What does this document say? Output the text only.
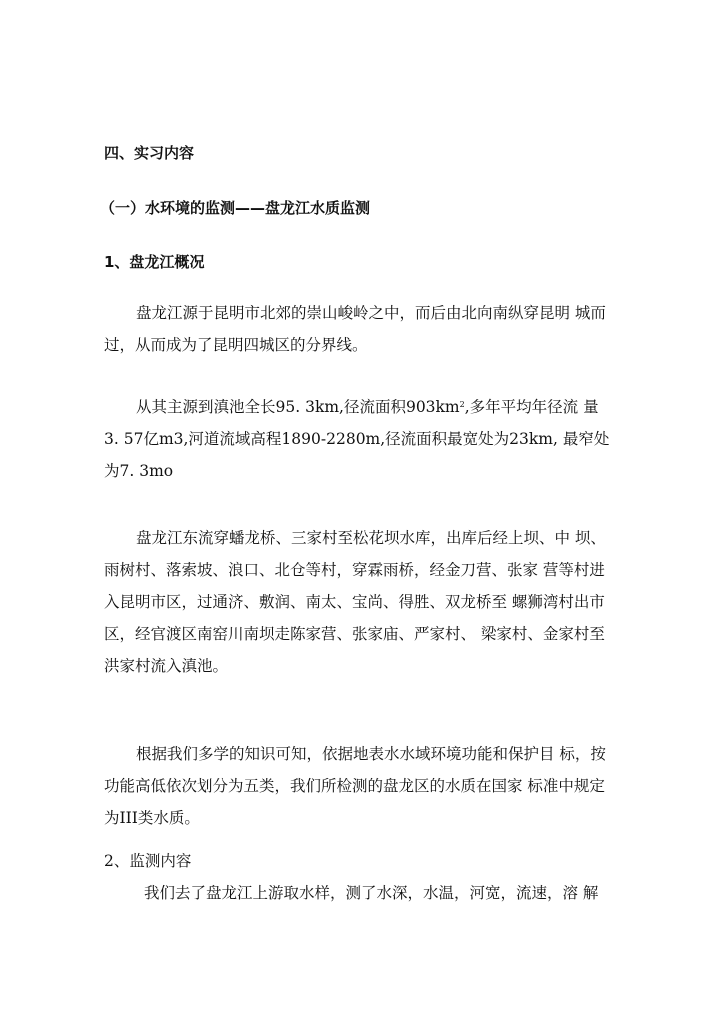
四、实习内容
（一）水环境的监测——盘龙江水质监测
1、盘龙江概况
盘龙江源于昆明市北郊的崇山峻岭之中，而后由北向南纵穿昆明 城而
过，从而成为了昆明四城区的分界线。
从其主源到滇池全长95. 3km,径流面积$903km^2$,多年平均年径流 量
3. 57亿m3,河道流域高程1890-2280m,径流面积最宽处为23km, 最窄处
为7. 3mo
盘龙江东流穿蟠龙桥、三家村至松花坝水库，出库后经上坝、中 坝、
雨树村、落索坡、浪口、北仓等村，穿霖雨桥，经金刀营、张家 营等村进
入昆明市区，过通济、敷润、南太、宝尚、得胜、双龙桥至 螺狮湾村出市
区，经官渡区南窑川南坝走陈家营、张家庙、严家村、 梁家村、金家村至
洪家村流入滇池。
根据我们多学的知识可知，依据地表水水域环境功能和保护目 标，按
功能高低依次划分为五类，我们所检测的盘龙区的水质在国家 标准中规定
为III类水质。
2、监测内容
我们去了盘龙江上游取水样，测了水深，水温，河宽，流速，溶 解
